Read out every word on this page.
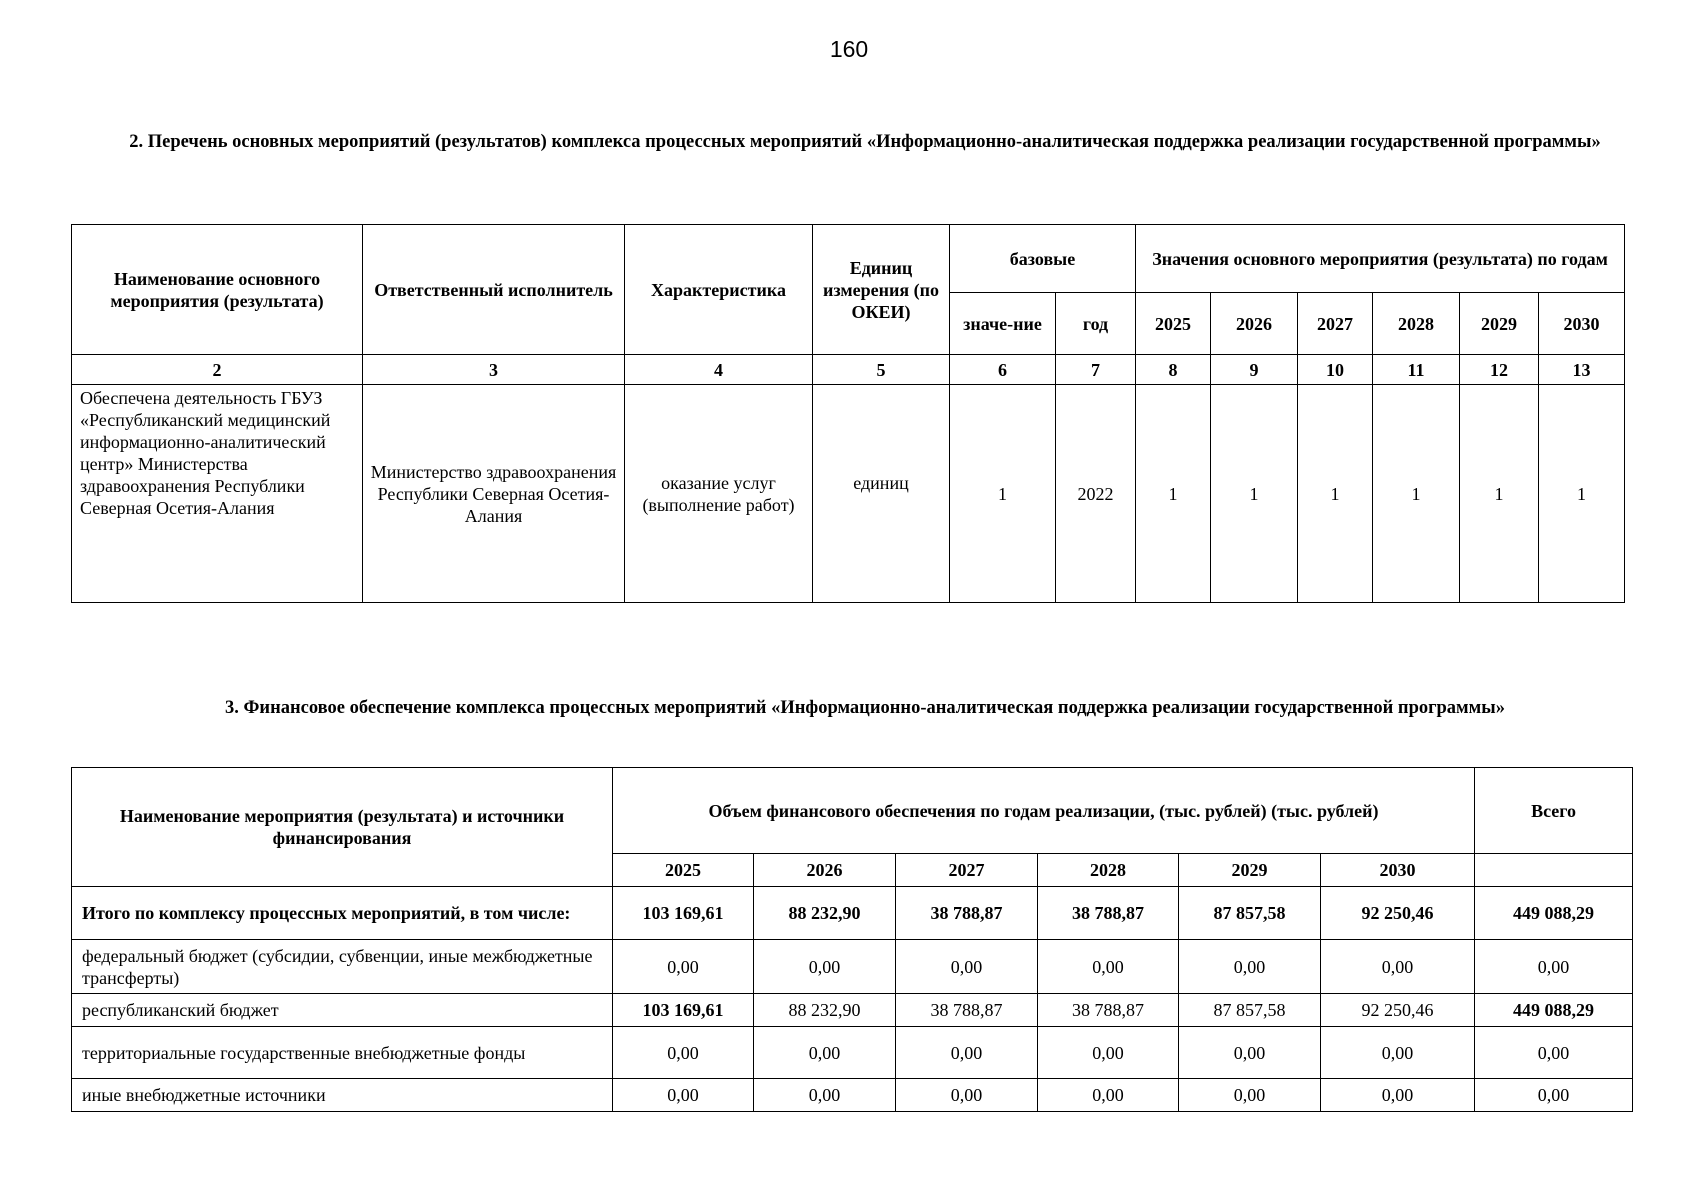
160
2. Перечень основных мероприятий (результатов) комплекса процессных мероприятий «Информационно-аналитическая поддержка реализации государственной программы»
Наименование основного мероприятия (результата)	Ответственный исполнитель	Характеристика	Единиц измерения (по ОКЕИ)	базовые		Значения основного мероприятия (результата) по годам					
				значе-ние	год	2025	2026	2027	2028	2029	2030
2	3	4	5	6	7	8	9	10	11	12	13
Обеспечена деятельность ГБУЗ «Республиканский медицинский информационно-аналитический центр» Министерства здравоохранения Республики Северная Осетия-Алания	Министерство здравоохранения Республики Северная Осетия-Алания	оказание услуг (выполнение работ)	единиц	1	2022	1	1	1	1	1	1
3. Финансовое обеспечение комплекса процессных мероприятий «Информационно-аналитическая поддержка реализации государственной программы»
Наименование мероприятия (результата) и источники финансирования	Объем финансового обеспечения по годам реализации, (тыс. рублей) (тыс. рублей)						Всего
	2025	2026	2027	2028	2029	2030	
Итого по комплексу процессных мероприятий, в том числе:	103 169,61	88 232,90	38 788,87	38 788,87	87 857,58	92 250,46	449 088,29
федеральный бюджет (субсидии, субвенции, иные межбюджетные трансферты)	0,00	0,00	0,00	0,00	0,00	0,00	0,00
республиканский бюджет	103 169,61	88 232,90	38 788,87	38 788,87	87 857,58	92 250,46	449 088,29
территориальные государственные внебюджетные фонды	0,00	0,00	0,00	0,00	0,00	0,00	0,00
иные внебюджетные источники	0,00	0,00	0,00	0,00	0,00	0,00	0,00
